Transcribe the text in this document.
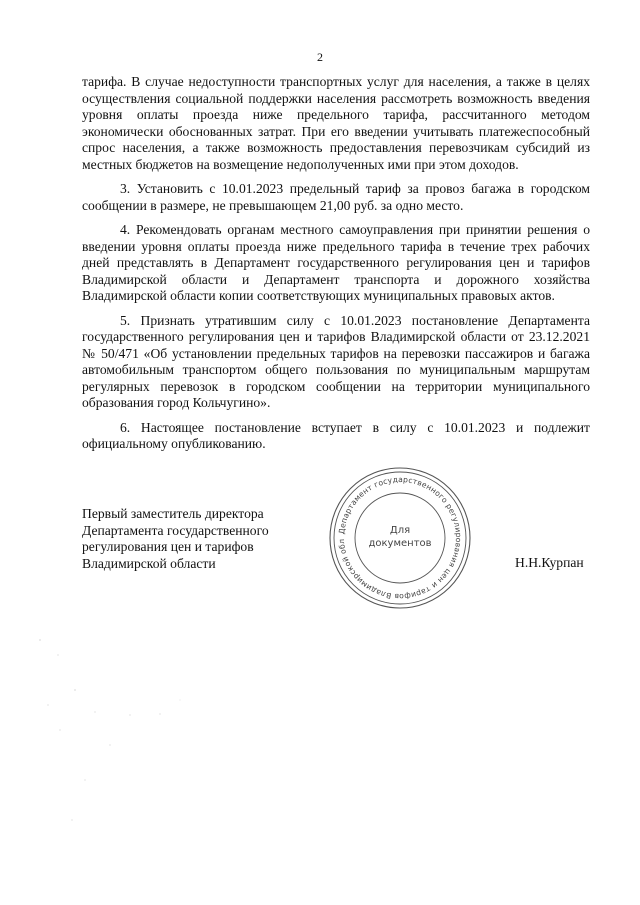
2

тарифа. В случае недоступности транспортных услуг для населения, а также в целях осуществления социальной поддержки населения рассмотреть возможность введения уровня оплаты проезда ниже предельного тарифа, рассчитанного методом экономически обоснованных затрат. При его введении учитывать платежеспособный спрос населения, а также возможность предоставления перевозчикам субсидий из местных бюджетов на возмещение недополученных ими при этом доходов.

3. Установить с 10.01.2023 предельный тариф за провоз багажа в городском сообщении в размере, не превышающем 21,00 руб. за одно место.

4. Рекомендовать органам местного самоуправления при принятии решения о введении уровня оплаты проезда ниже предельного тарифа в течение трех рабочих дней представлять в Департамент государственного регулирования цен и тарифов Владимирской области и Департамент транспорта и дорожного хозяйства Владимирской области копии соответствующих муниципальных правовых актов.

5. Признать утратившим силу с 10.01.2023 постановление Департамента государственного регулирования цен и тарифов Владимирской области от 23.12.2021 № 50/471 «Об установлении предельных тарифов на перевозки пассажиров и багажа автомобильным транспортом общего пользования по муниципальным маршрутам регулярных перевозок в городском сообщении на территории муниципального образования город Кольчугино».

6. Настоящее постановление вступает в силу с 10.01.2023 и подлежит официальному опубликованию.

Первый заместитель директора
Департамента государственного
регулирования цен и тарифов
Владимирской области
Департамент государственного регулирования цен и тарифов Владимирской обл
Для
документов
Н.Н.Курпан
